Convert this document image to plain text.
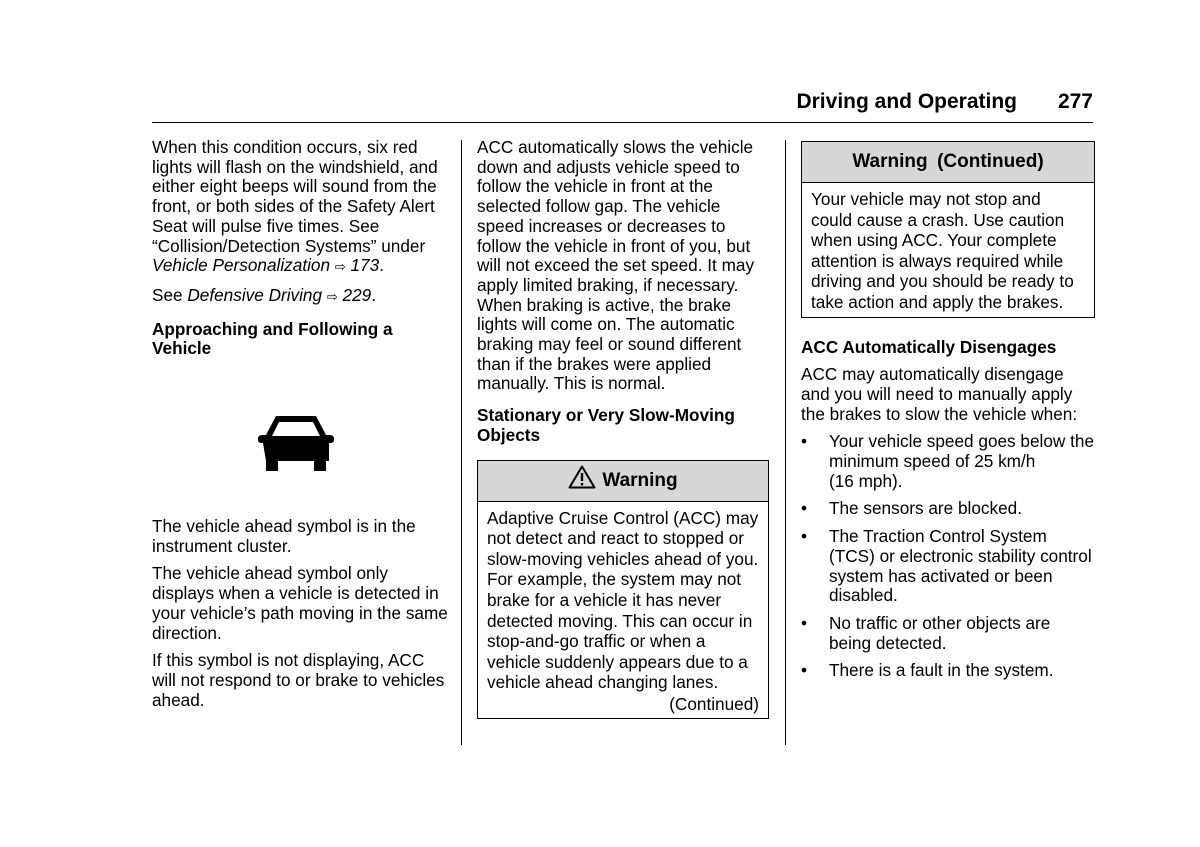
Driving and Operating 277

When this condition occurs, six red lights will flash on the windshield, and either eight beeps will sound from the front, or both sides of the Safety Alert Seat will pulse five times. See “Collision/Detection Systems” under Vehicle Personalization ⇨ 173.

See Defensive Driving ⇨ 229.

Approaching and Following a Vehicle

The vehicle ahead symbol is in the instrument cluster.

The vehicle ahead symbol only displays when a vehicle is detected in your vehicle’s path moving in the same direction.

If this symbol is not displaying, ACC will not respond to or brake to vehicles ahead.

ACC automatically slows the vehicle down and adjusts vehicle speed to follow the vehicle in front at the selected follow gap. The vehicle speed increases or decreases to follow the vehicle in front of you, but will not exceed the set speed. It may apply limited braking, if necessary. When braking is active, the brake lights will come on. The automatic braking may feel or sound different than if the brakes were applied manually. This is normal.

Stationary or Very Slow-Moving Objects

Warning
Adaptive Cruise Control (ACC) may not detect and react to stopped or slow-moving vehicles ahead of you. For example, the system may not brake for a vehicle it has never detected moving. This can occur in stop-and-go traffic or when a vehicle suddenly appears due to a vehicle ahead changing lanes.
(Continued)
Warning (Continued)
Your vehicle may not stop and could cause a crash. Use caution when using ACC. Your complete attention is always required while driving and you should be ready to take action and apply the brakes.

ACC Automatically Disengages

ACC may automatically disengage and you will need to manually apply the brakes to slow the vehicle when:

• Your vehicle speed goes below the minimum speed of 25 km/h (16 mph).
• The sensors are blocked.
• The Traction Control System (TCS) or electronic stability control system has activated or been disabled.
• No traffic or other objects are being detected.
• There is a fault in the system.
